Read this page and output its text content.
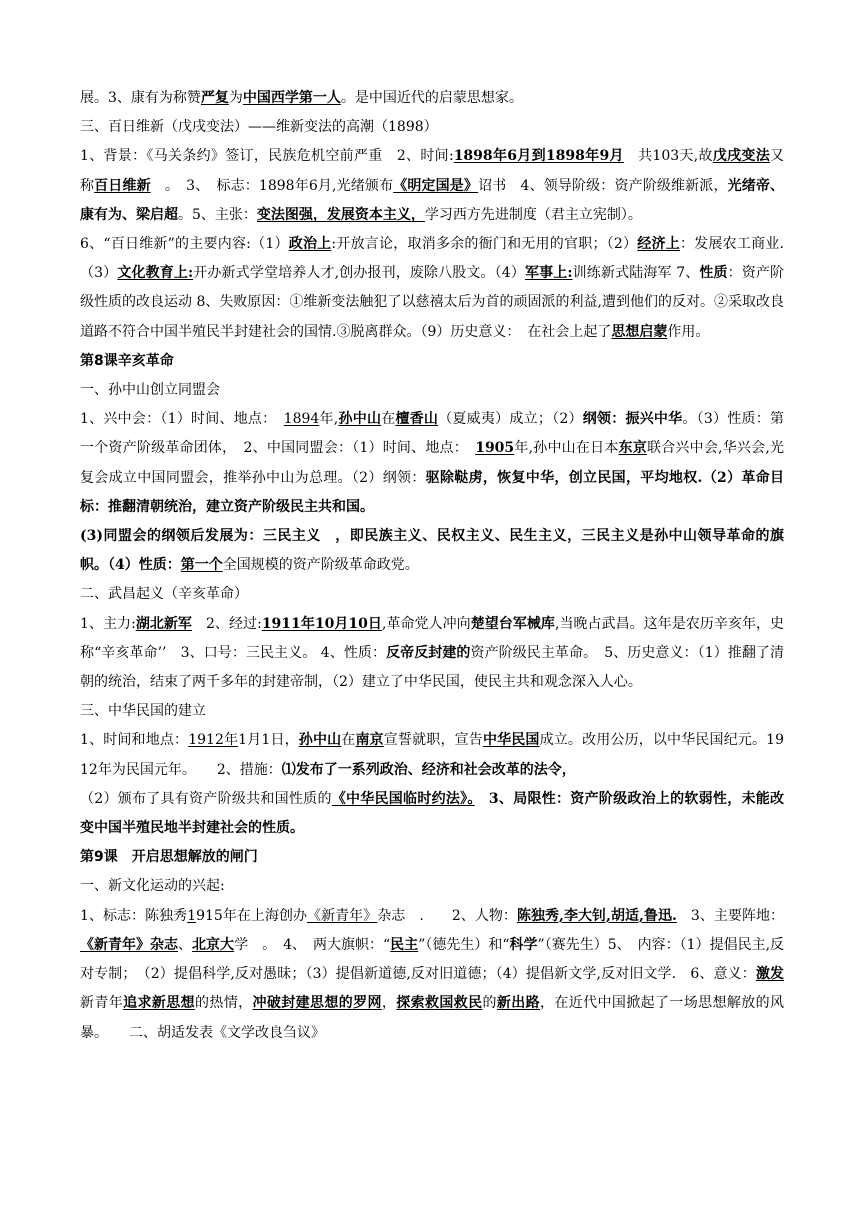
展。3、康有为称赞严复为中国西学第一人。是中国近代的启蒙思想家。

三、百日维新（戊戌变法）——维新变法的高潮（1898）

1、背景：《马关条约》签订，民族危机空前严重　2、时间:1898年6月到1898年9月　共103天,故戊戌变法又称百日维新　。　3、　标志：1898年6月,光绪颁布《明定国是》诏书　4、领导阶级：资产阶级维新派，光绪帝、康有为、梁启超。5、主张：变法图强，发展资本主义，学习西方先进制度（君主立宪制）。

6、“百日维新”的主要内容:（1）政治上:开放言论，取消多余的衙门和无用的官职；（2）经济上：发展农工商业.（3）文化教育上:开办新式学堂培养人才,创办报刊，废除八股文。（4）军事上:训练新式陆海军 7、性质：资产阶级性质的改良运动 8、失败原因：①维新变法触犯了以慈禧太后为首的顽固派的利益,遭到他们的反对。②采取改良道路不符合中国半殖民半封建社会的国情.③脱离群众。（9）历史意义：　在社会上起了思想启蒙作用。

第8课辛亥革命

一、孙中山创立同盟会

1、兴中会：（1）时间、地点：　1894年,孙中山在檀香山（夏威夷）成立；（2）纲领：振兴中华。（3）性质：第一个资产阶级革命团体，　2、中国同盟会：（1）时间、地点：　1905年,孙中山在日本东京联合兴中会,华兴会,光复会成立中国同盟会，推举孙中山为总理。（2）纲领：驱除鞑虏，恢复中华，创立民国，平均地权.（2）革命目标：推翻清朝统治，建立资产阶级民主共和国。

(3)同盟会的纲领后发展为：三民主义　，即民族主义、民权主义、民生主义，三民主义是孙中山领导革命的旗帜。（4）性质：第一个全国规模的资产阶级革命政党。

二、武昌起义（辛亥革命）

1、主力:湖北新军　2、经过:1911年10月10日,革命党人冲向楚望台军械库,当晚占武昌。这年是农历辛亥年，史称“辛亥革命’’　3、口号：三民主义。 4、性质：反帝反封建的资产阶级民主革命。　5、历史意义：（1）推翻了清朝的统治，结束了两千多年的封建帝制，（2）建立了中华民国，使民主共和观念深入人心。

三、中华民国的建立

1、时间和地点：1912年1月1日，孙中山在南京宣誓就职，宣告中华民国成立。改用公历，以中华民国纪元。1912年为民国元年。　　2、措施：⑴发布了一系列政治、经济和社会改革的法令，

（2）颁布了具有资产阶级共和国性质的《中华民国临时约法》。　3、局限性：资产阶级政治上的软弱性，未能改变中国半殖民地半封建社会的性质。

第9课　开启思想解放的闸门

一、新文化运动的兴起:

1、标志：陈独秀1915年在上海创办《新青年》杂志　.　　2、人物：陈独秀,李大钊,胡适,鲁迅.　3、主要阵地：《新青年》杂志、北京大学　。　4、　两大旗帜：“民主”（德先生）和“科学”（赛先生）5、　内容：（1）提倡民主,反对专制；　（2）提倡科学,反对愚昧；（3）提倡新道德,反对旧道德；（4）提倡新文学,反对旧文学.　6、意义：激发新青年追求新思想的热情，冲破封建思想的罗网，探索救国救民的新出路，在近代中国掀起了一场思想解放的风暴。　　二、胡适发表《文学改良刍议》
